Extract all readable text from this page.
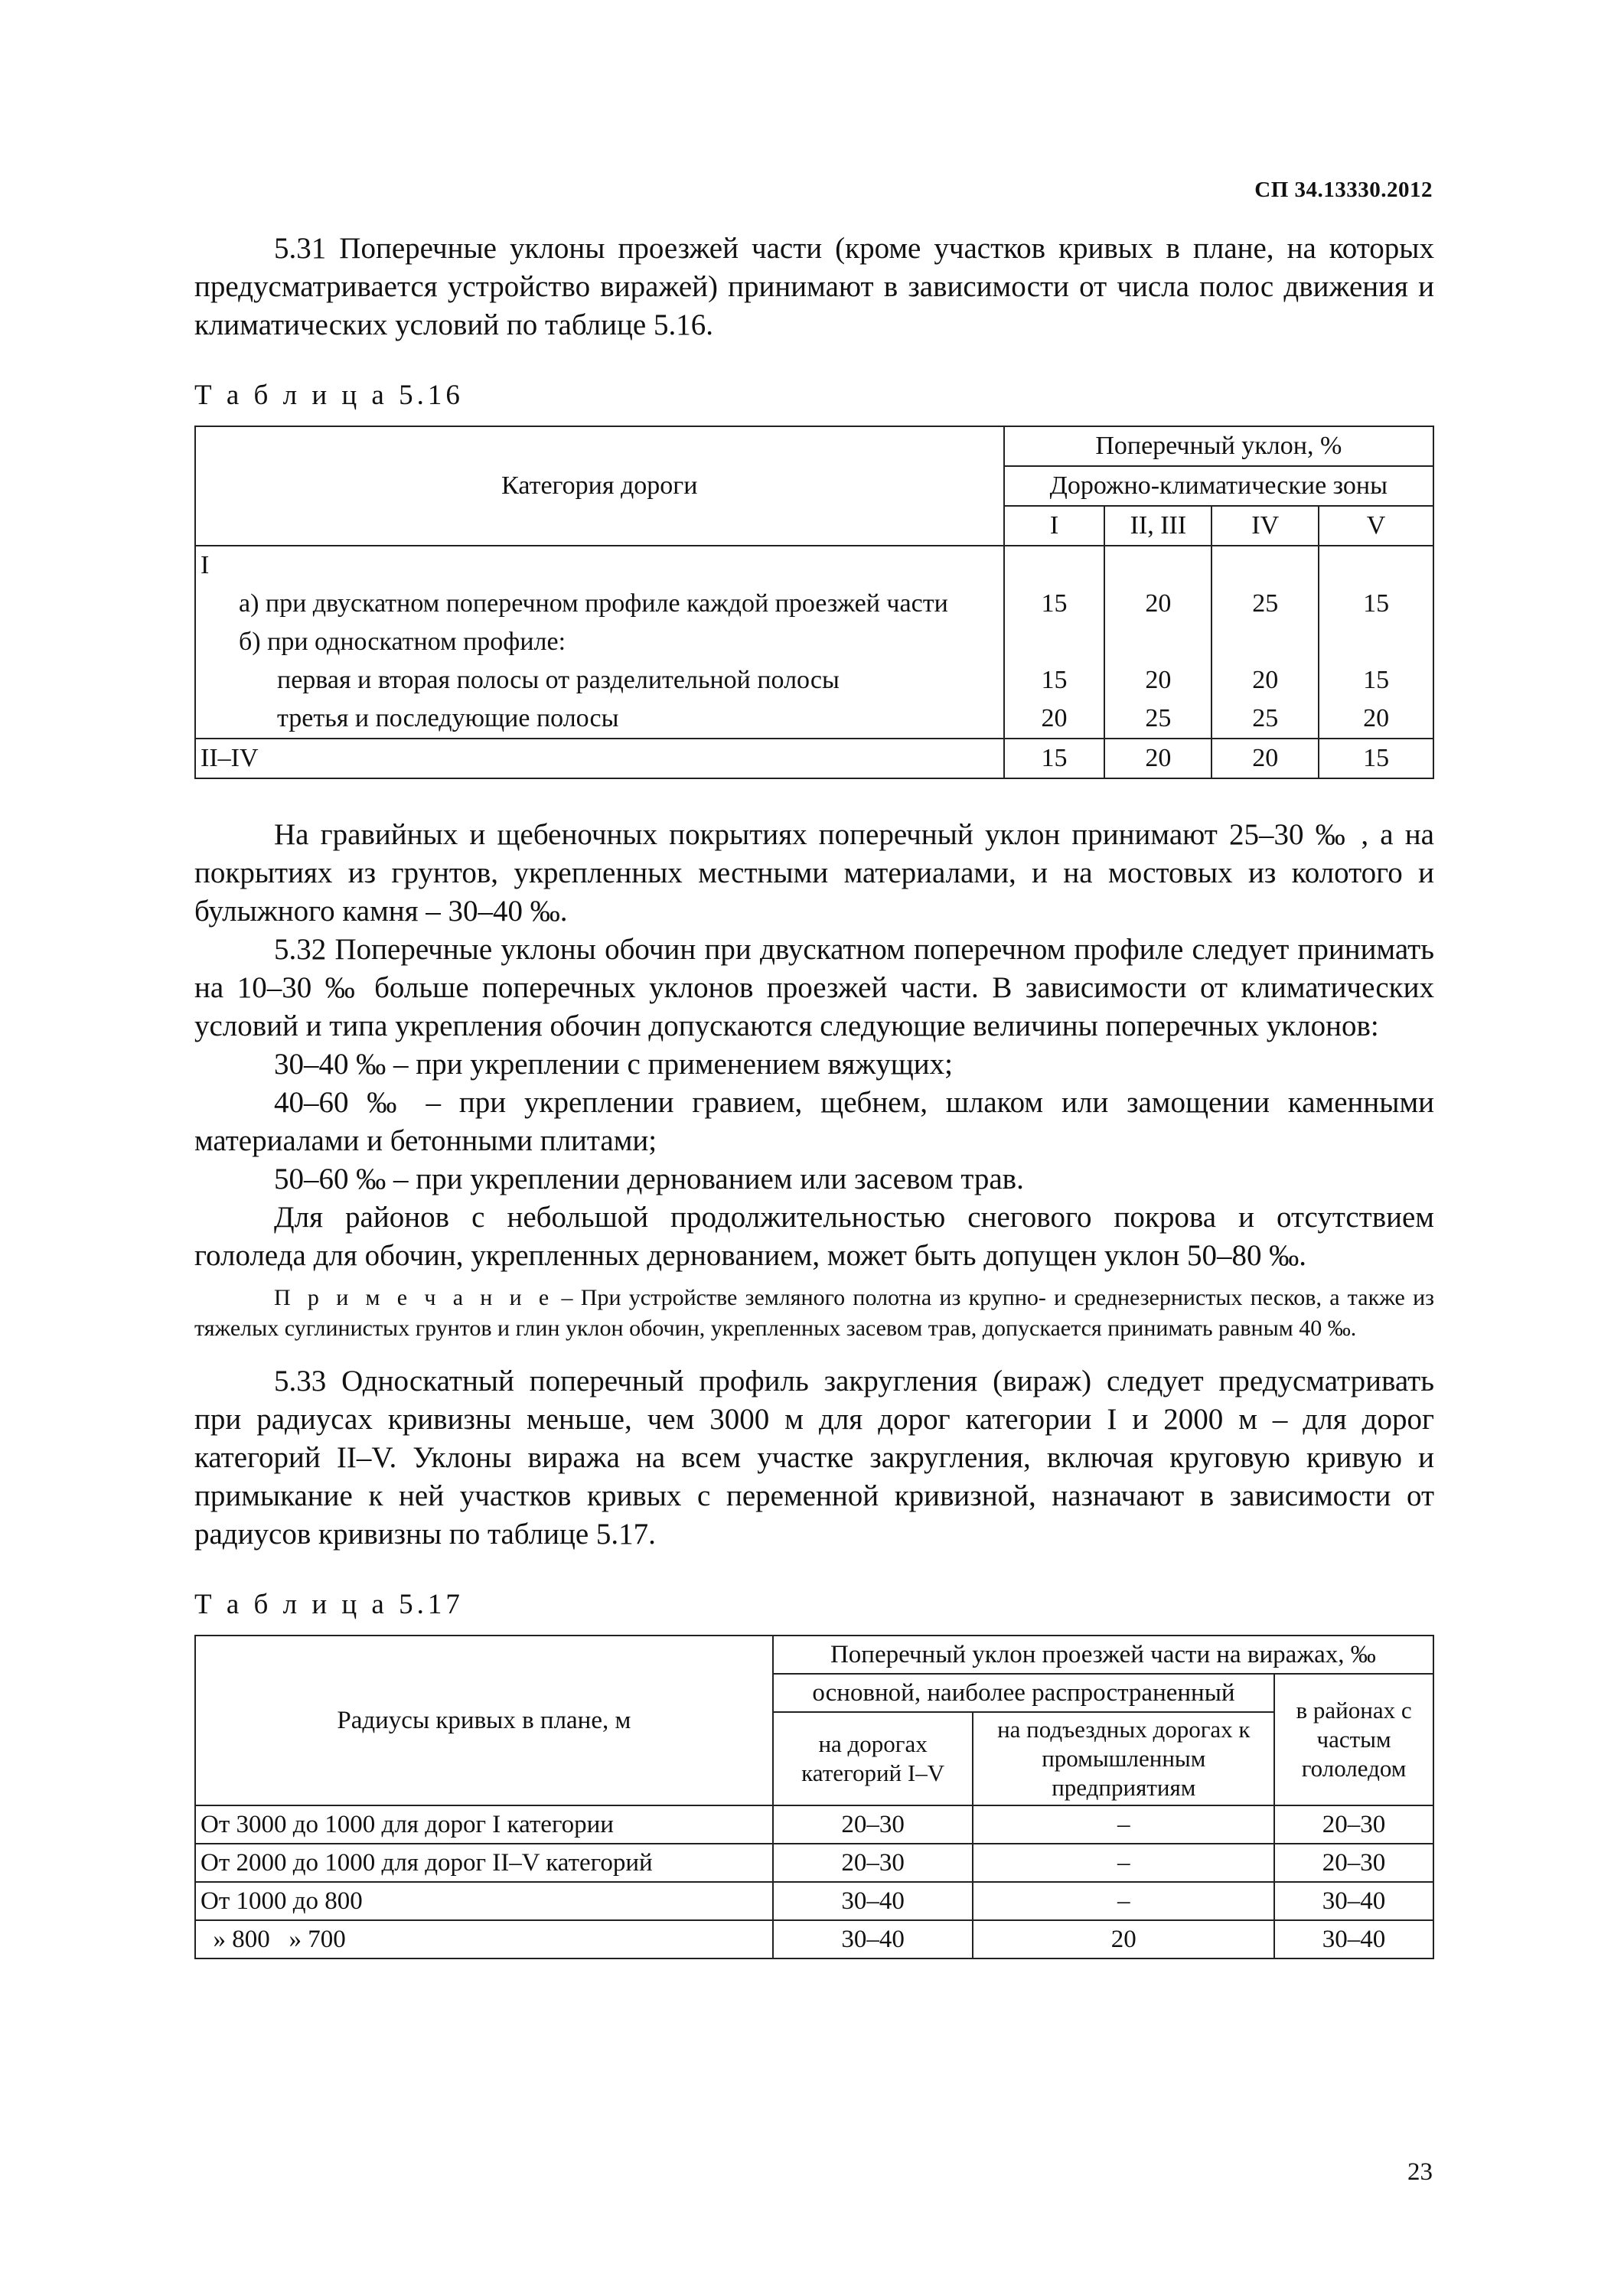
СП 34.13330.2012

5.31 Поперечные уклоны проезжей части (кроме участков кривых в плане, на которых предусматривается устройство виражей) принимают в зависимости от числа полос движения и климатических условий по таблице 5.16.

Т а б л и ц а 5.16
Категория дороги	Поперечный уклон, %			
	Дорожно-климатические зоны			
	I	II, III	IV	V
I				
а) при двускатном поперечном профиле каждой проезжей части	15	20	25	15
б) при односкатном профиле:				
первая и вторая полосы от разделительной полосы	15	20	20	15
третья и последующие полосы	20	25	25	20
II–IV	15	20	20	15

На гравийных и щебеночных покрытиях поперечный уклон принимают 25–30 ‰ , а на покрытиях из грунтов, укрепленных местными материалами, и на мостовых из колотого и булыжного камня – 30–40 ‰.

5.32 Поперечные уклоны обочин при двускатном поперечном профиле следует принимать на 10–30 ‰ больше поперечных уклонов проезжей части. В зависимости от климатических условий и типа укрепления обочин допускаются следующие величины поперечных уклонов:

30–40 ‰ – при укреплении с применением вяжущих;

40–60 ‰ – при укреплении гравием, щебнем, шлаком или замощении каменными материалами и бетонными плитами;

50–60 ‰ – при укреплении дернованием или засевом трав.

Для районов с небольшой продолжительностью снегового покрова и отсутствием гололеда для обочин, укрепленных дернованием, может быть допущен уклон 50–80 ‰.

П р и м е ч а н и е – При устройстве земляного полотна из крупно- и среднезернистых песков, а также из тяжелых суглинистых грунтов и глин уклон обочин, укрепленных засевом трав, допускается принимать равным 40 ‰.

5.33 Односкатный поперечный профиль закругления (вираж) следует предусматривать при радиусах кривизны меньше, чем 3000 м для дорог категории I и 2000 м – для дорог категорий II–V. Уклоны виража на всем участке закругления, включая круговую кривую и примыкание к ней участков кривых с переменной кривизной, назначают в зависимости от радиусов кривизны по таблице 5.17.

Т а б л и ц а 5.17
Радиусы кривых в плане, м	Поперечный уклон проезжей части на виражах, ‰		
	основной, наиболее распространенный		в районах с частым гололедом
	на дорогах категорий I–V	на подъездных дорогах к промышленным предприятиям	
От 3000 до 1000 для дорог I категории	20–30	–	20–30
От 2000 до 1000 для дорог II–V категорий	20–30	–	20–30
От 1000 до 800	30–40	–	30–40
» 800   » 700	30–40	20	30–40
23
